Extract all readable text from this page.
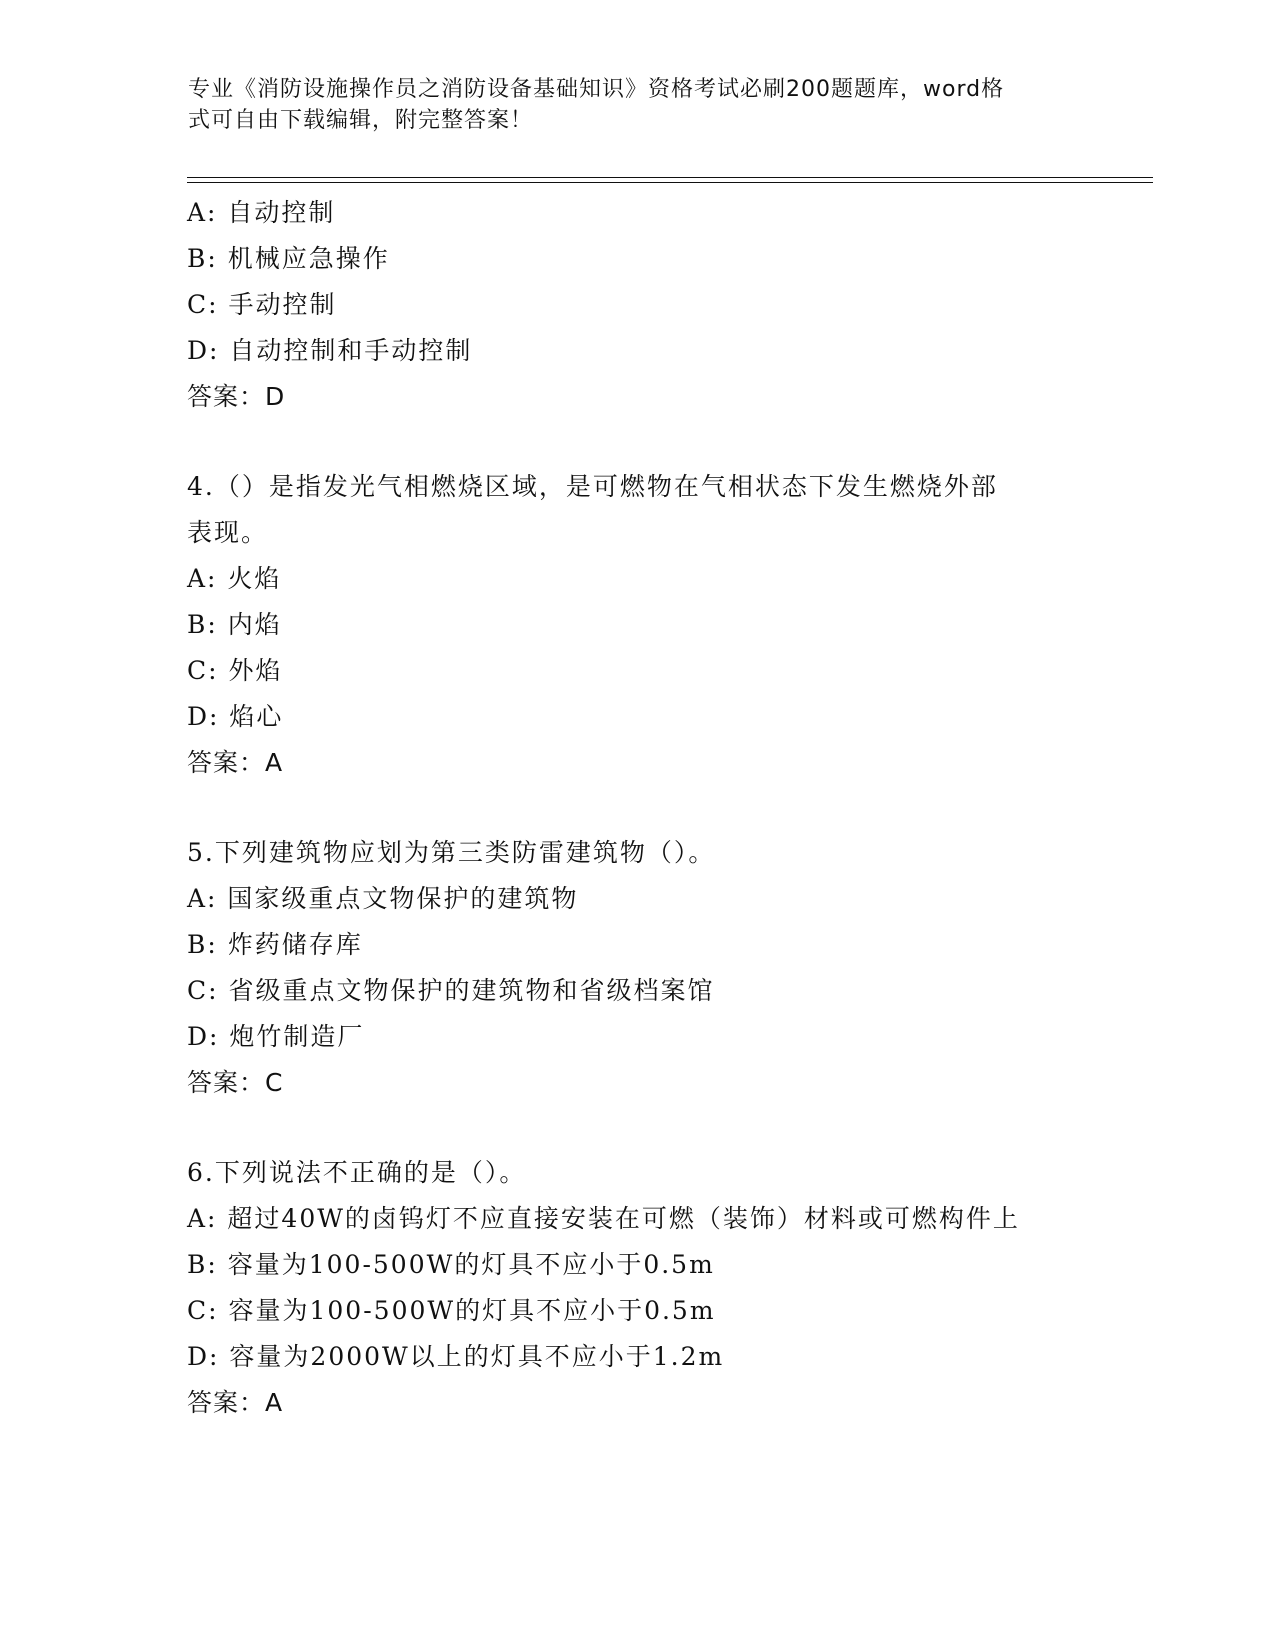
专业《消防设施操作员之消防设备基础知识》资格考试必刷200题题库，word格
式可自由下载编辑，附完整答案！
A: 自动控制
B: 机械应急操作
C: 手动控制
D: 自动控制和手动控制
答案：D
4.（）是指发光气相燃烧区域，是可燃物在气相状态下发生燃烧外部
表现。
A: 火焰
B: 内焰
C: 外焰
D: 焰心
答案：A
5.下列建筑物应划为第三类防雷建筑物（）。
A: 国家级重点文物保护的建筑物
B: 炸药储存库
C: 省级重点文物保护的建筑物和省级档案馆
D: 炮竹制造厂
答案：C
6.下列说法不正确的是（）。
A: 超过40W的卤钨灯不应直接安装在可燃（装饰）材料或可燃构件上
B: 容量为100-500W的灯具不应小于0.5m
C: 容量为100-500W的灯具不应小于0.5m
D: 容量为2000W以上的灯具不应小于1.2m
答案：A
